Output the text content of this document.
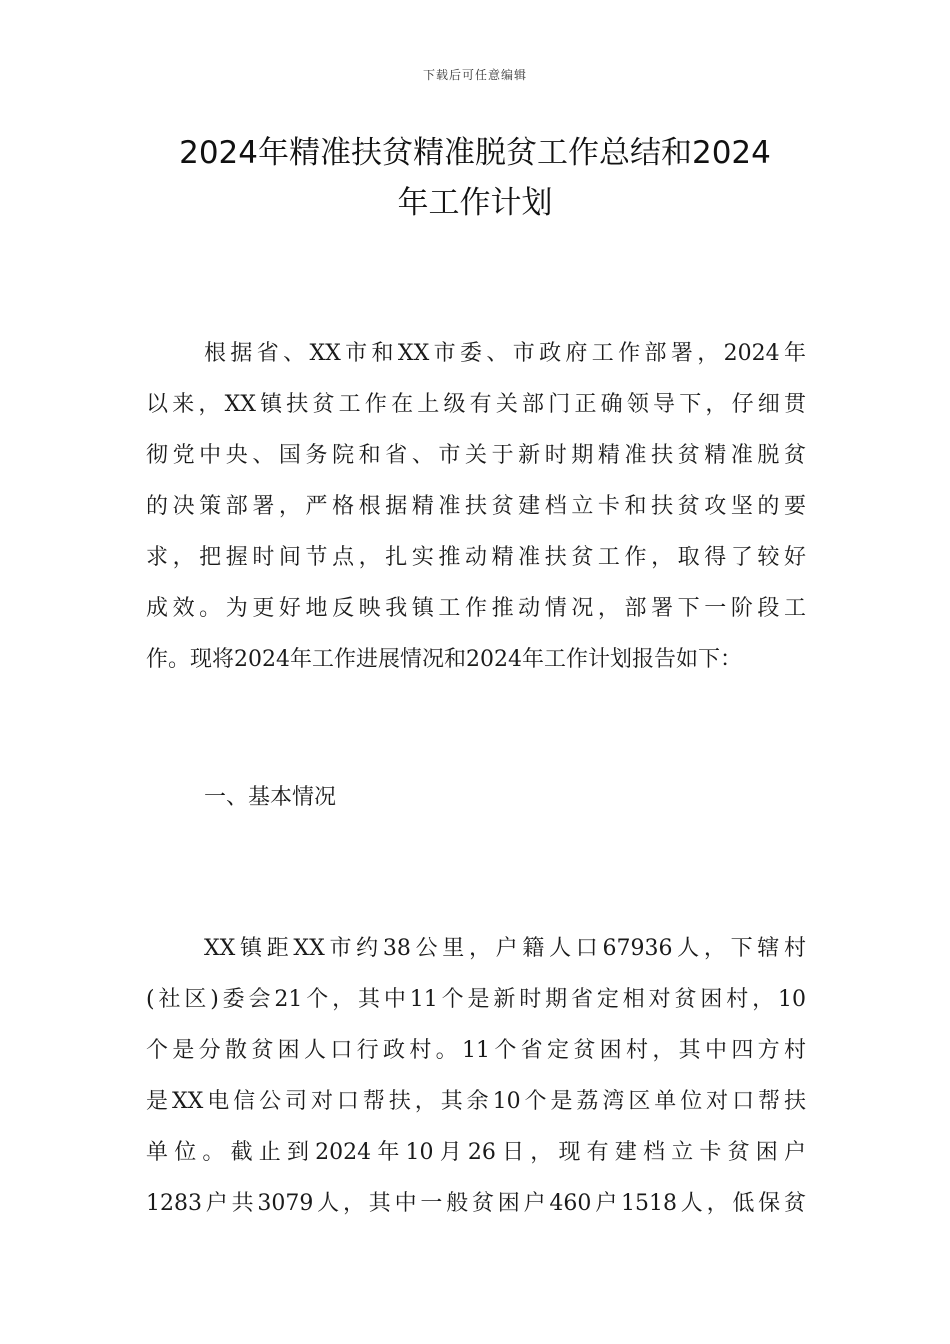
下载后可任意编辑
2024年精准扶贫精准脱贫工作总结和2024
年工作计划

根据省、XX市和XX市委、市政府工作部署，2024年
以来，XX镇扶贫工作在上级有关部门正确领导下，仔细贯
彻党中央、国务院和省、市关于新时期精准扶贫精准脱贫
的决策部署，严格根据精准扶贫建档立卡和扶贫攻坚的要
求，把握时间节点，扎实推动精准扶贫工作，取得了较好
成效。为更好地反映我镇工作推动情况，部署下一阶段工
作。现将2024年工作进展情况和2024年工作计划报告如下：

一、基本情况

XX镇距XX市约38公里，户籍人口67936人，下辖村
(社区)委会21个，其中11个是新时期省定相对贫困村，10
个是分散贫困人口行政村。11个省定贫困村，其中四方村
是XX电信公司对口帮扶，其余10个是荔湾区单位对口帮扶
单位。截止到2024年10月26日，现有建档立卡贫困户
1283户共3079人，其中一般贫困户460户1518人，低保贫
